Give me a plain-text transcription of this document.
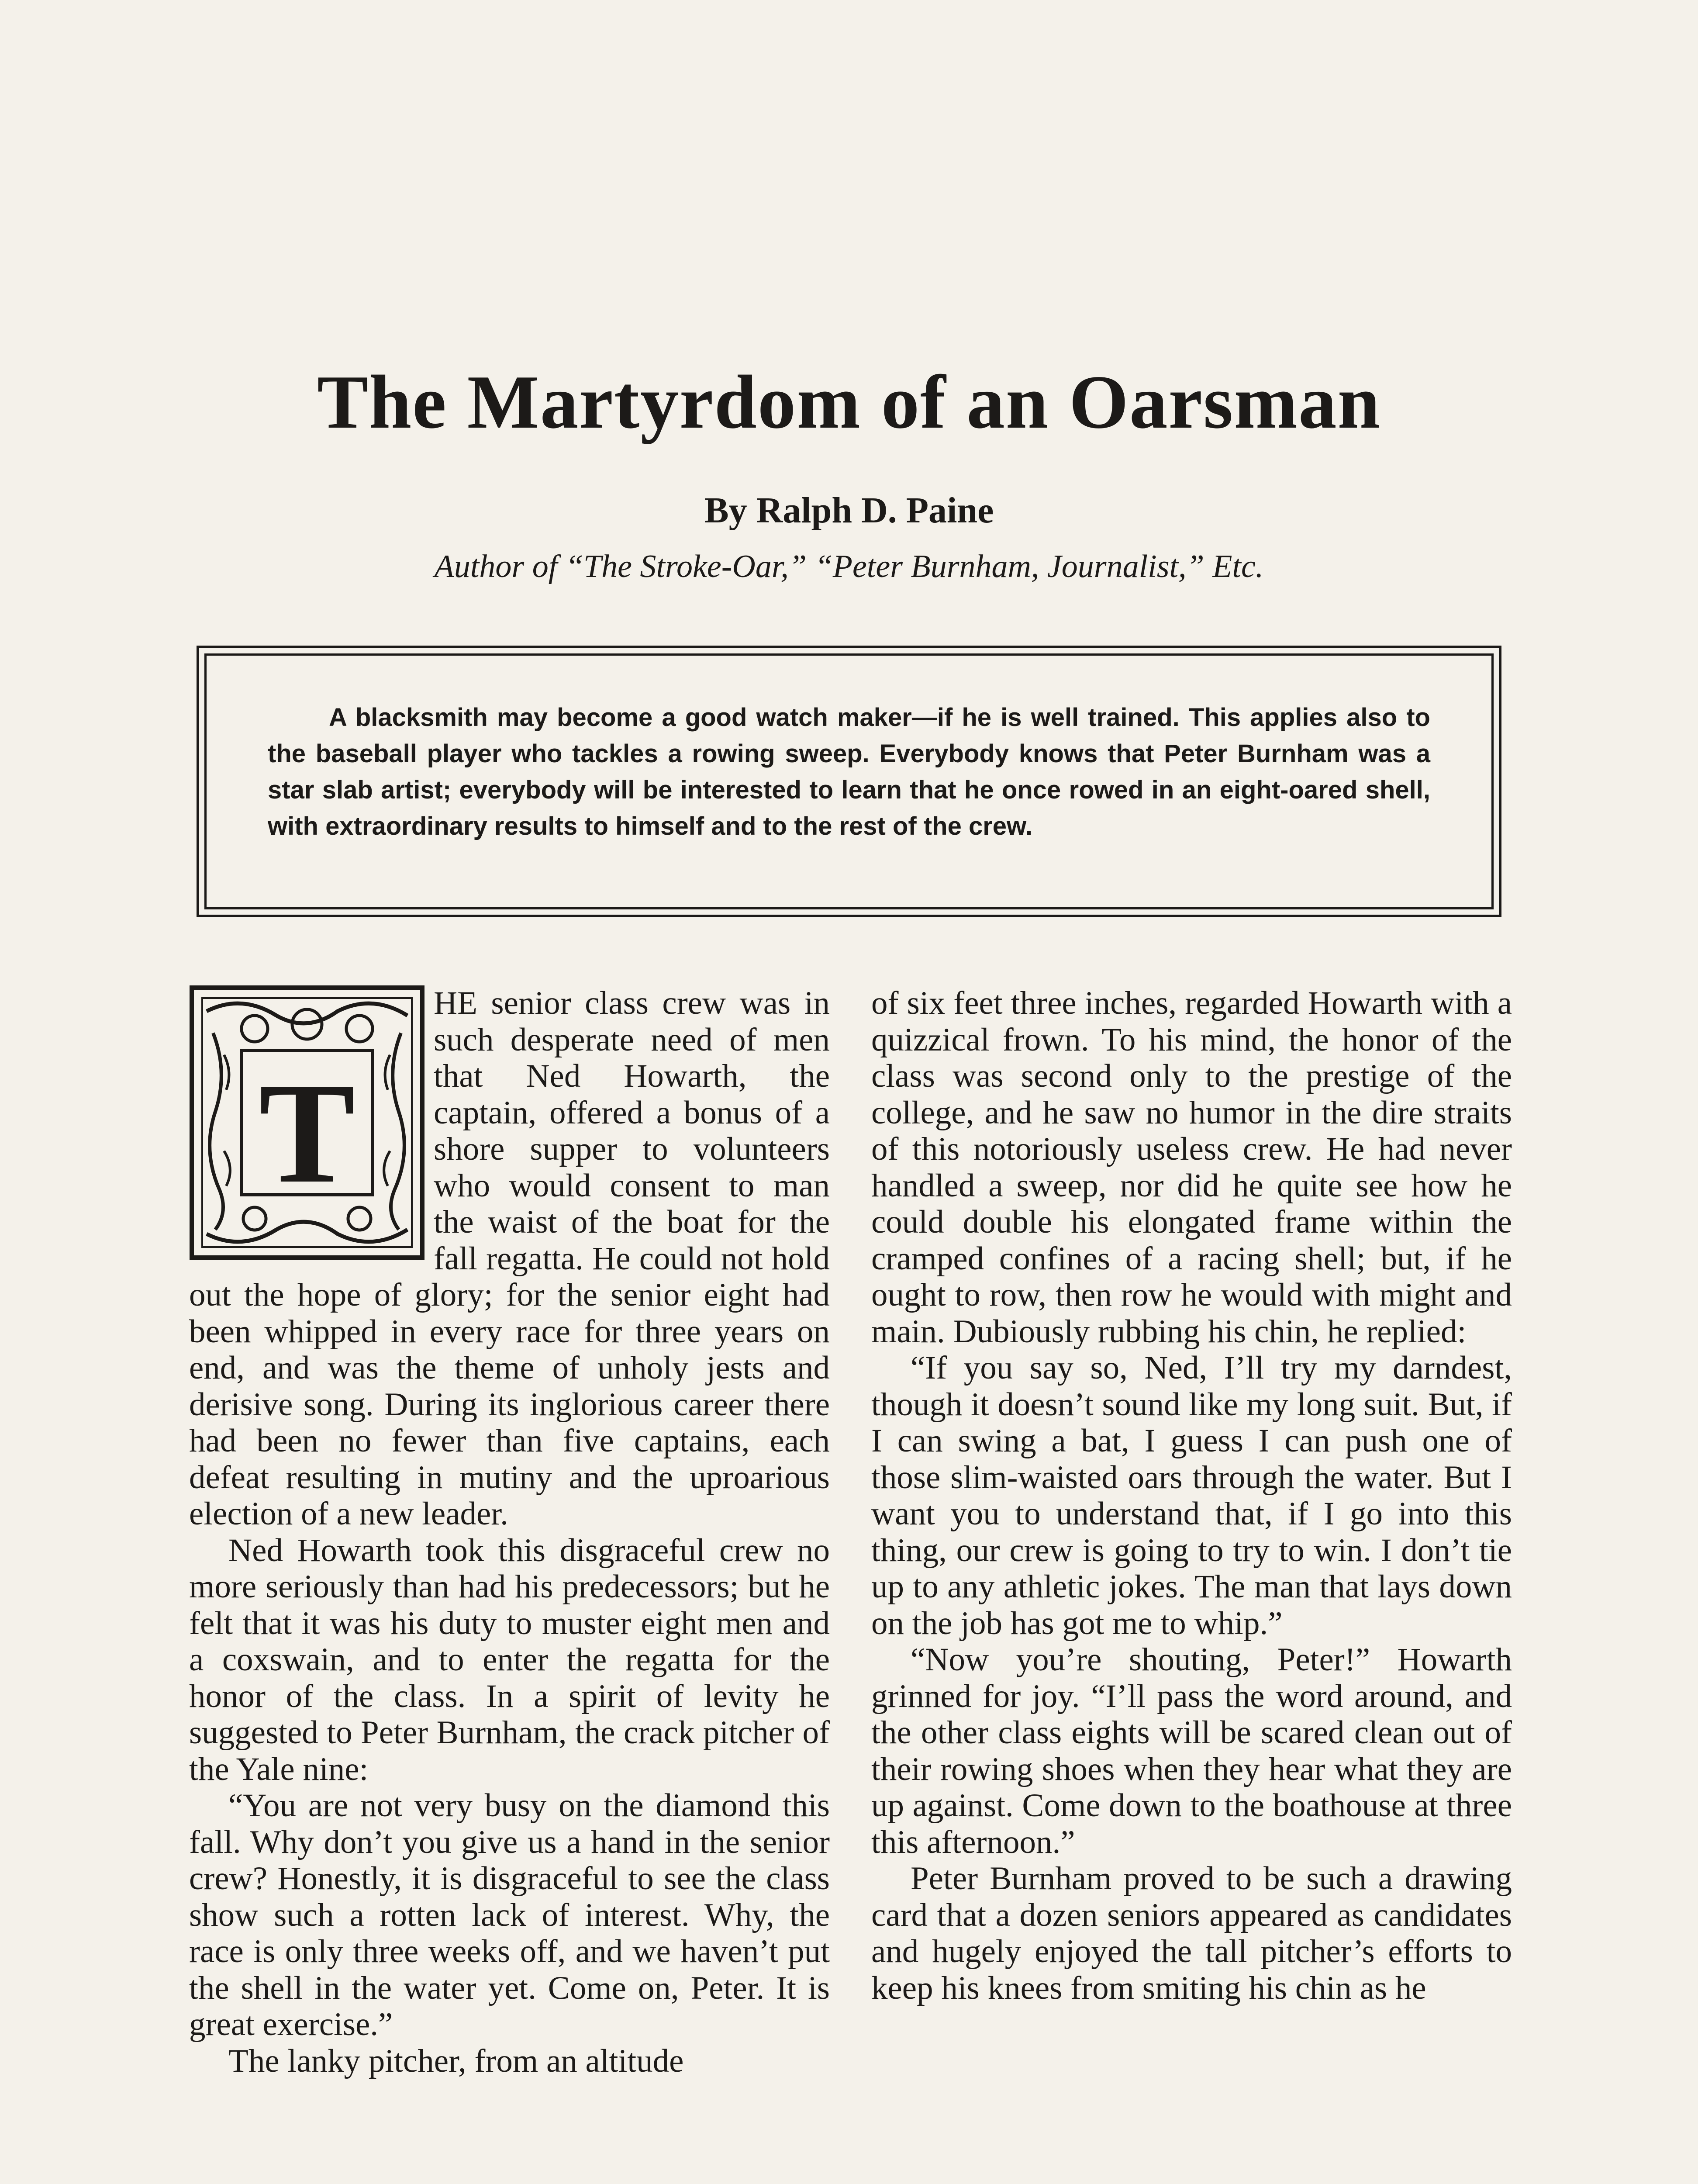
The Martyrdom of an Oarsman
By Ralph D. Paine
Author of “The Stroke-Oar,” “Peter Burnham, Journalist,” Etc.

A blacksmith may become a good watch maker—if he is well trained. This applies also to the baseball player who tackles a rowing sweep. Everybody knows that Peter Burnham was a star slab artist; everybody will be interested to learn that he once rowed in an eight-oared shell, with extraordinary results to himself and to the rest of the crew.

T

HE senior class crew was in such desperate need of men that Ned Howarth, the captain, offered a bonus of a shore supper to volunteers who would consent to man the waist of the boat for the fall regatta. He could not hold out the hope of glory; for the senior eight had been whipped in every race for three years on end, and was the theme of unholy jests and derisive song. During its inglorious career there had been no fewer than five captains, each defeat resulting in mutiny and the uproarious election of a new leader.

Ned Howarth took this disgraceful crew no more seriously than had his predecessors; but he felt that it was his duty to muster eight men and a coxswain, and to enter the regatta for the honor of the class. In a spirit of levity he suggested to Peter Burnham, the crack pitcher of the Yale nine:

“You are not very busy on the diamond this fall. Why don’t you give us a hand in the senior crew? Honestly, it is disgraceful to see the class show such a rotten lack of interest. Why, the race is only three weeks off, and we haven’t put the shell in the water yet. Come on, Peter. It is great exercise.”

The lanky pitcher, from an altitude

of six feet three inches, regarded Howarth with a quizzical frown. To his mind, the honor of the class was second only to the prestige of the college, and he saw no humor in the dire straits of this notoriously useless crew. He had never handled a sweep, nor did he quite see how he could double his elongated frame within the cramped confines of a racing shell; but, if he ought to row, then row he would with might and main. Dubiously rubbing his chin, he replied:

“If you say so, Ned, I’ll try my darndest, though it doesn’t sound like my long suit. But, if I can swing a bat, I guess I can push one of those slim-waisted oars through the water. But I want you to understand that, if I go into this thing, our crew is going to try to win. I don’t tie up to any athletic jokes. The man that lays down on the job has got me to whip.”

“Now you’re shouting, Peter!” Howarth grinned for joy. “I’ll pass the word around, and the other class eights will be scared clean out of their rowing shoes when they hear what they are up against. Come down to the boathouse at three this afternoon.”

Peter Burnham proved to be such a drawing card that a dozen seniors appeared as candidates and hugely enjoyed the tall pitcher’s efforts to keep his knees from smiting his chin as he
